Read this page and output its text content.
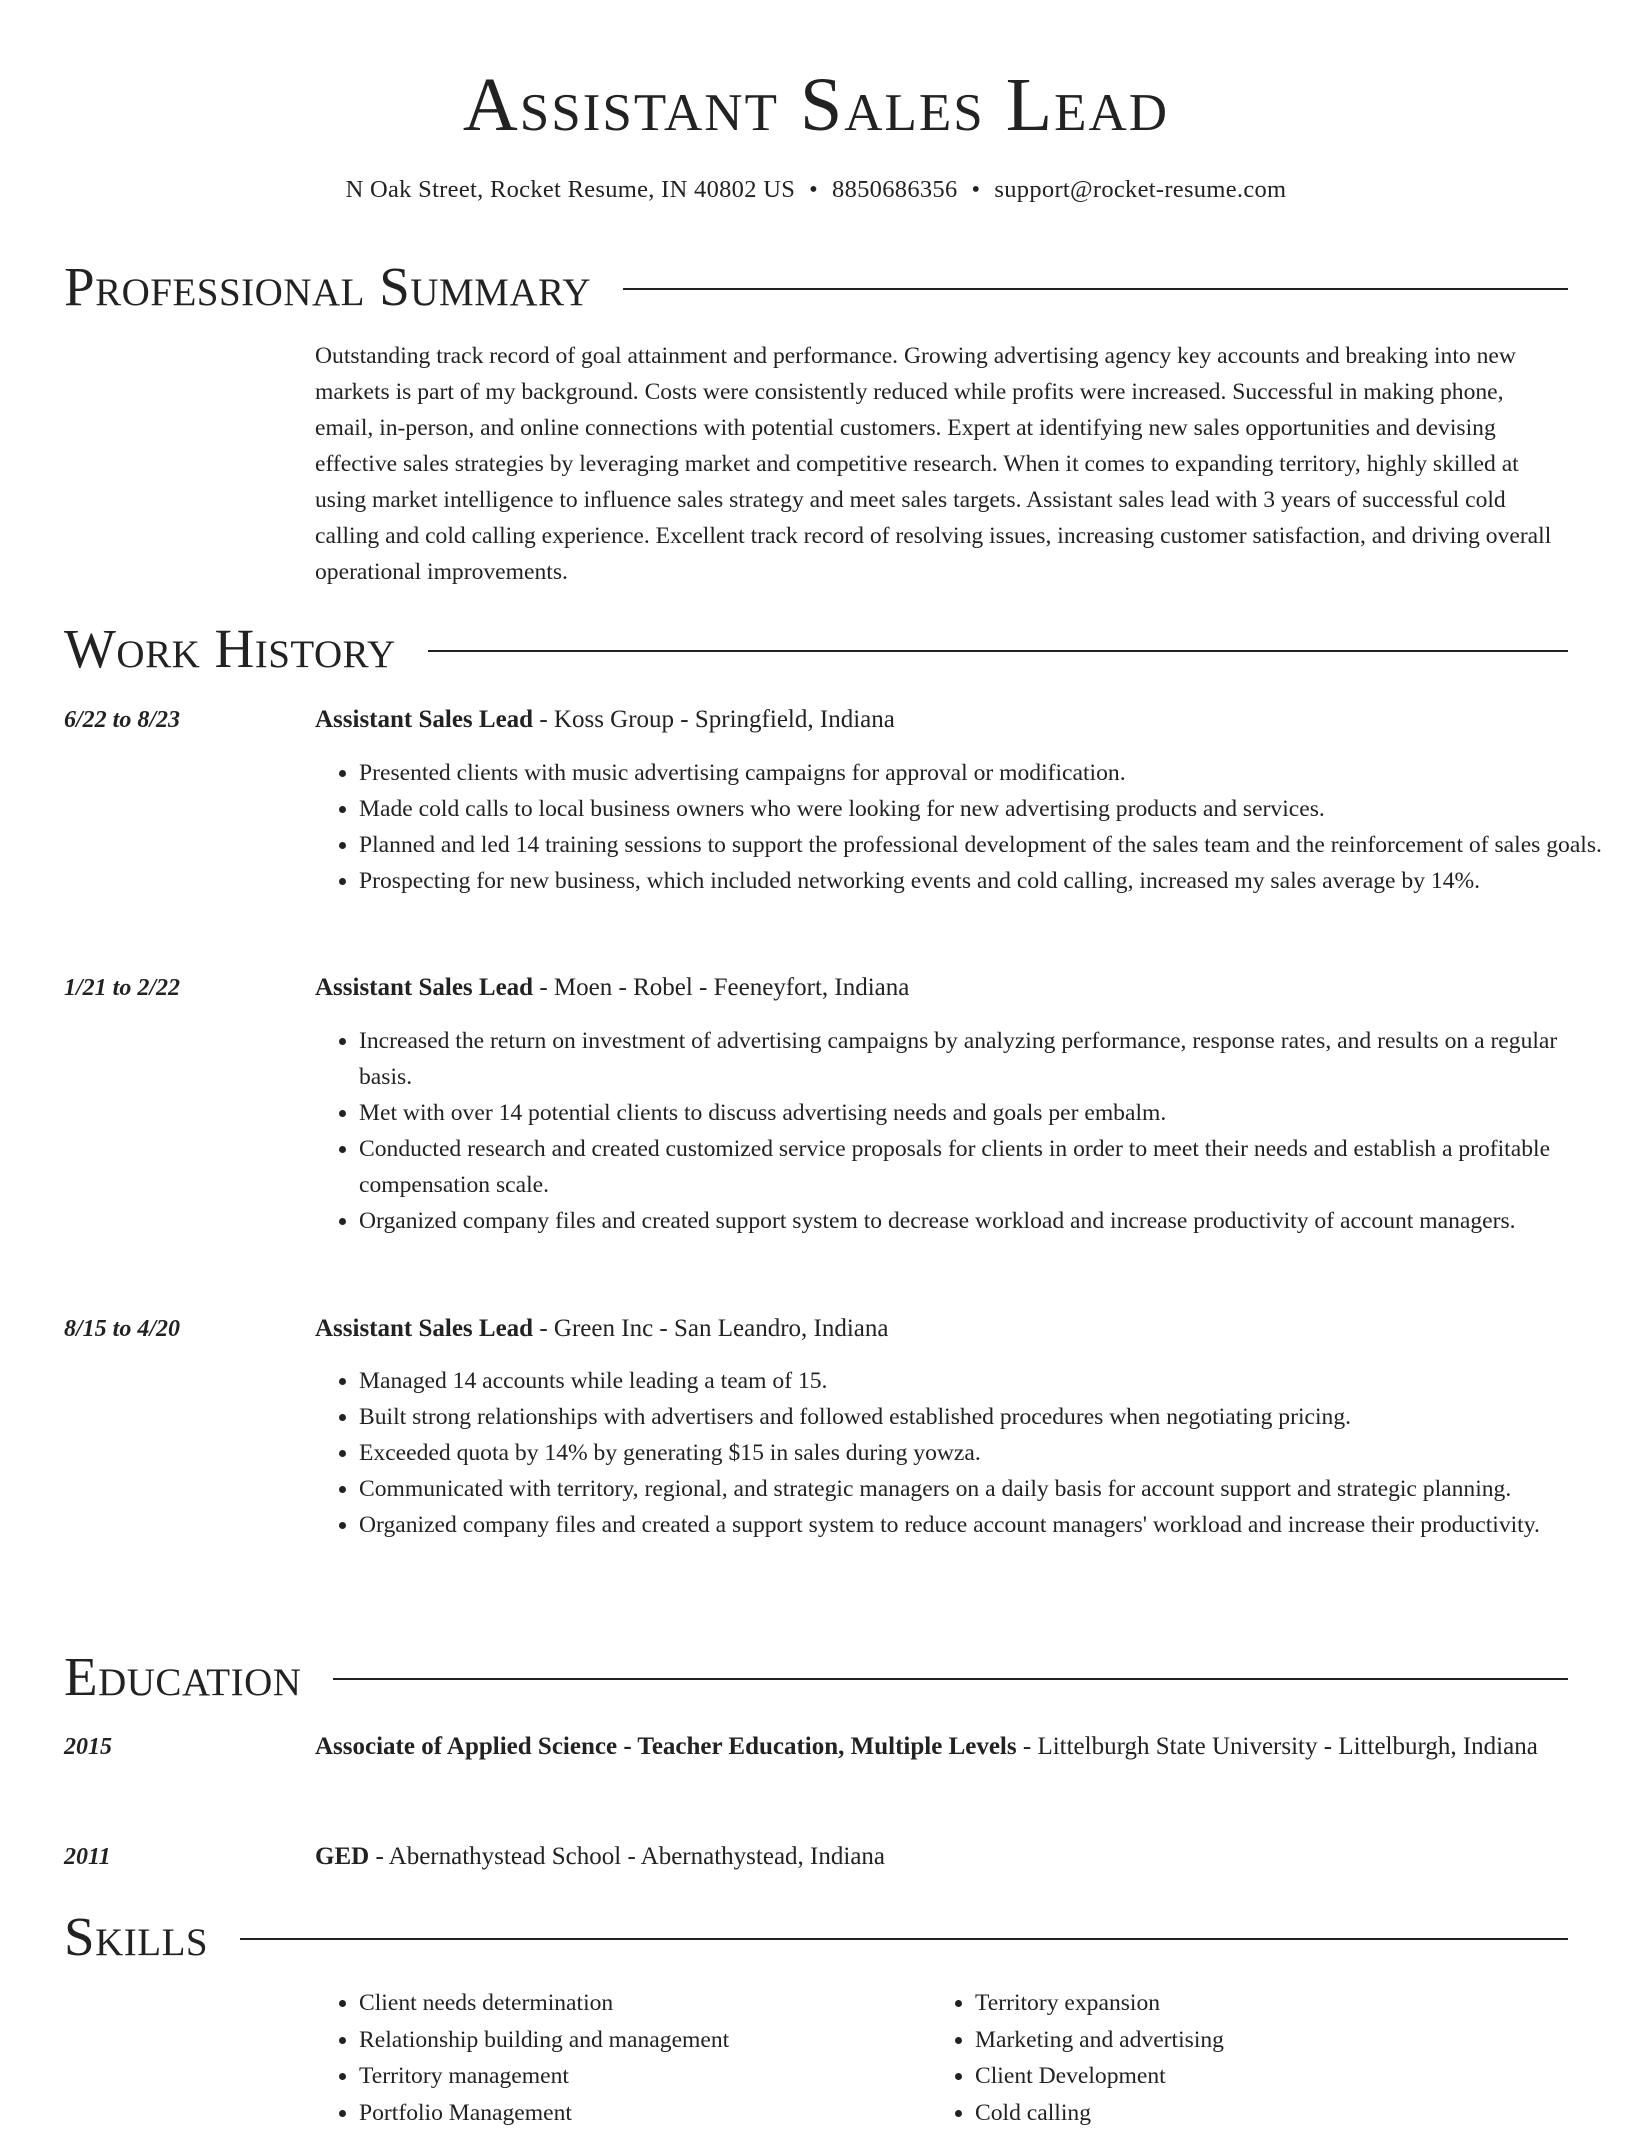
Assistant Sales Lead
N Oak Street, Rocket Resume, IN 40802 US • 8850686356 • support@rocket-resume.com
Professional Summary

Outstanding track record of goal attainment and performance. Growing advertising agency key accounts and breaking into new markets is part of my background. Costs were consistently reduced while profits were increased. Successful in making phone, email, in-person, and online connections with potential customers. Expert at identifying new sales opportunities and devising effective sales strategies by leveraging market and competitive research. When it comes to expanding territory, highly skilled at using market intelligence to influence sales strategy and meet sales targets. Assistant sales lead with 3 years of successful cold calling and cold calling experience. Excellent track record of resolving issues, increasing customer satisfaction, and driving overall operational improvements.

Work History
6/22 to 8/23	Assistant Sales Lead - Koss Group - Springfield, Indiana
• Presented clients with music advertising campaigns for approval or modification.
• Made cold calls to local business owners who were looking for new advertising products and services.
• Planned and led 14 training sessions to support the professional development of the sales team and the reinforcement of sales goals.
• Prospecting for new business, which included networking events and cold calling, increased my sales average by 14%.
1/21 to 2/22	Assistant Sales Lead - Moen - Robel - Feeneyfort, Indiana
• Increased the return on investment of advertising campaigns by analyzing performance, response rates, and results on a regular basis.
• Met with over 14 potential clients to discuss advertising needs and goals per embalm.
• Conducted research and created customized service proposals for clients in order to meet their needs and establish a profitable compensation scale.
• Organized company files and created support system to decrease workload and increase productivity of account managers.
8/15 to 4/20	Assistant Sales Lead - Green Inc - San Leandro, Indiana
• Managed 14 accounts while leading a team of 15.
• Built strong relationships with advertisers and followed established procedures when negotiating pricing.
• Exceeded quota by 14% by generating $15 in sales during yowza.
• Communicated with territory, regional, and strategic managers on a daily basis for account support and strategic planning.
• Organized company files and created a support system to reduce account managers' workload and increase their productivity.
Education
2015	Associate of Applied Science - Teacher Education, Multiple Levels - Littelburgh State University - Littelburgh, Indiana
2011	GED - Abernathystead School - Abernathystead, Indiana
Skills
• Client needs determination
• Relationship building and management
• Territory management
• Portfolio Management
• Territory expansion
• Marketing and advertising
• Client Development
• Cold calling
